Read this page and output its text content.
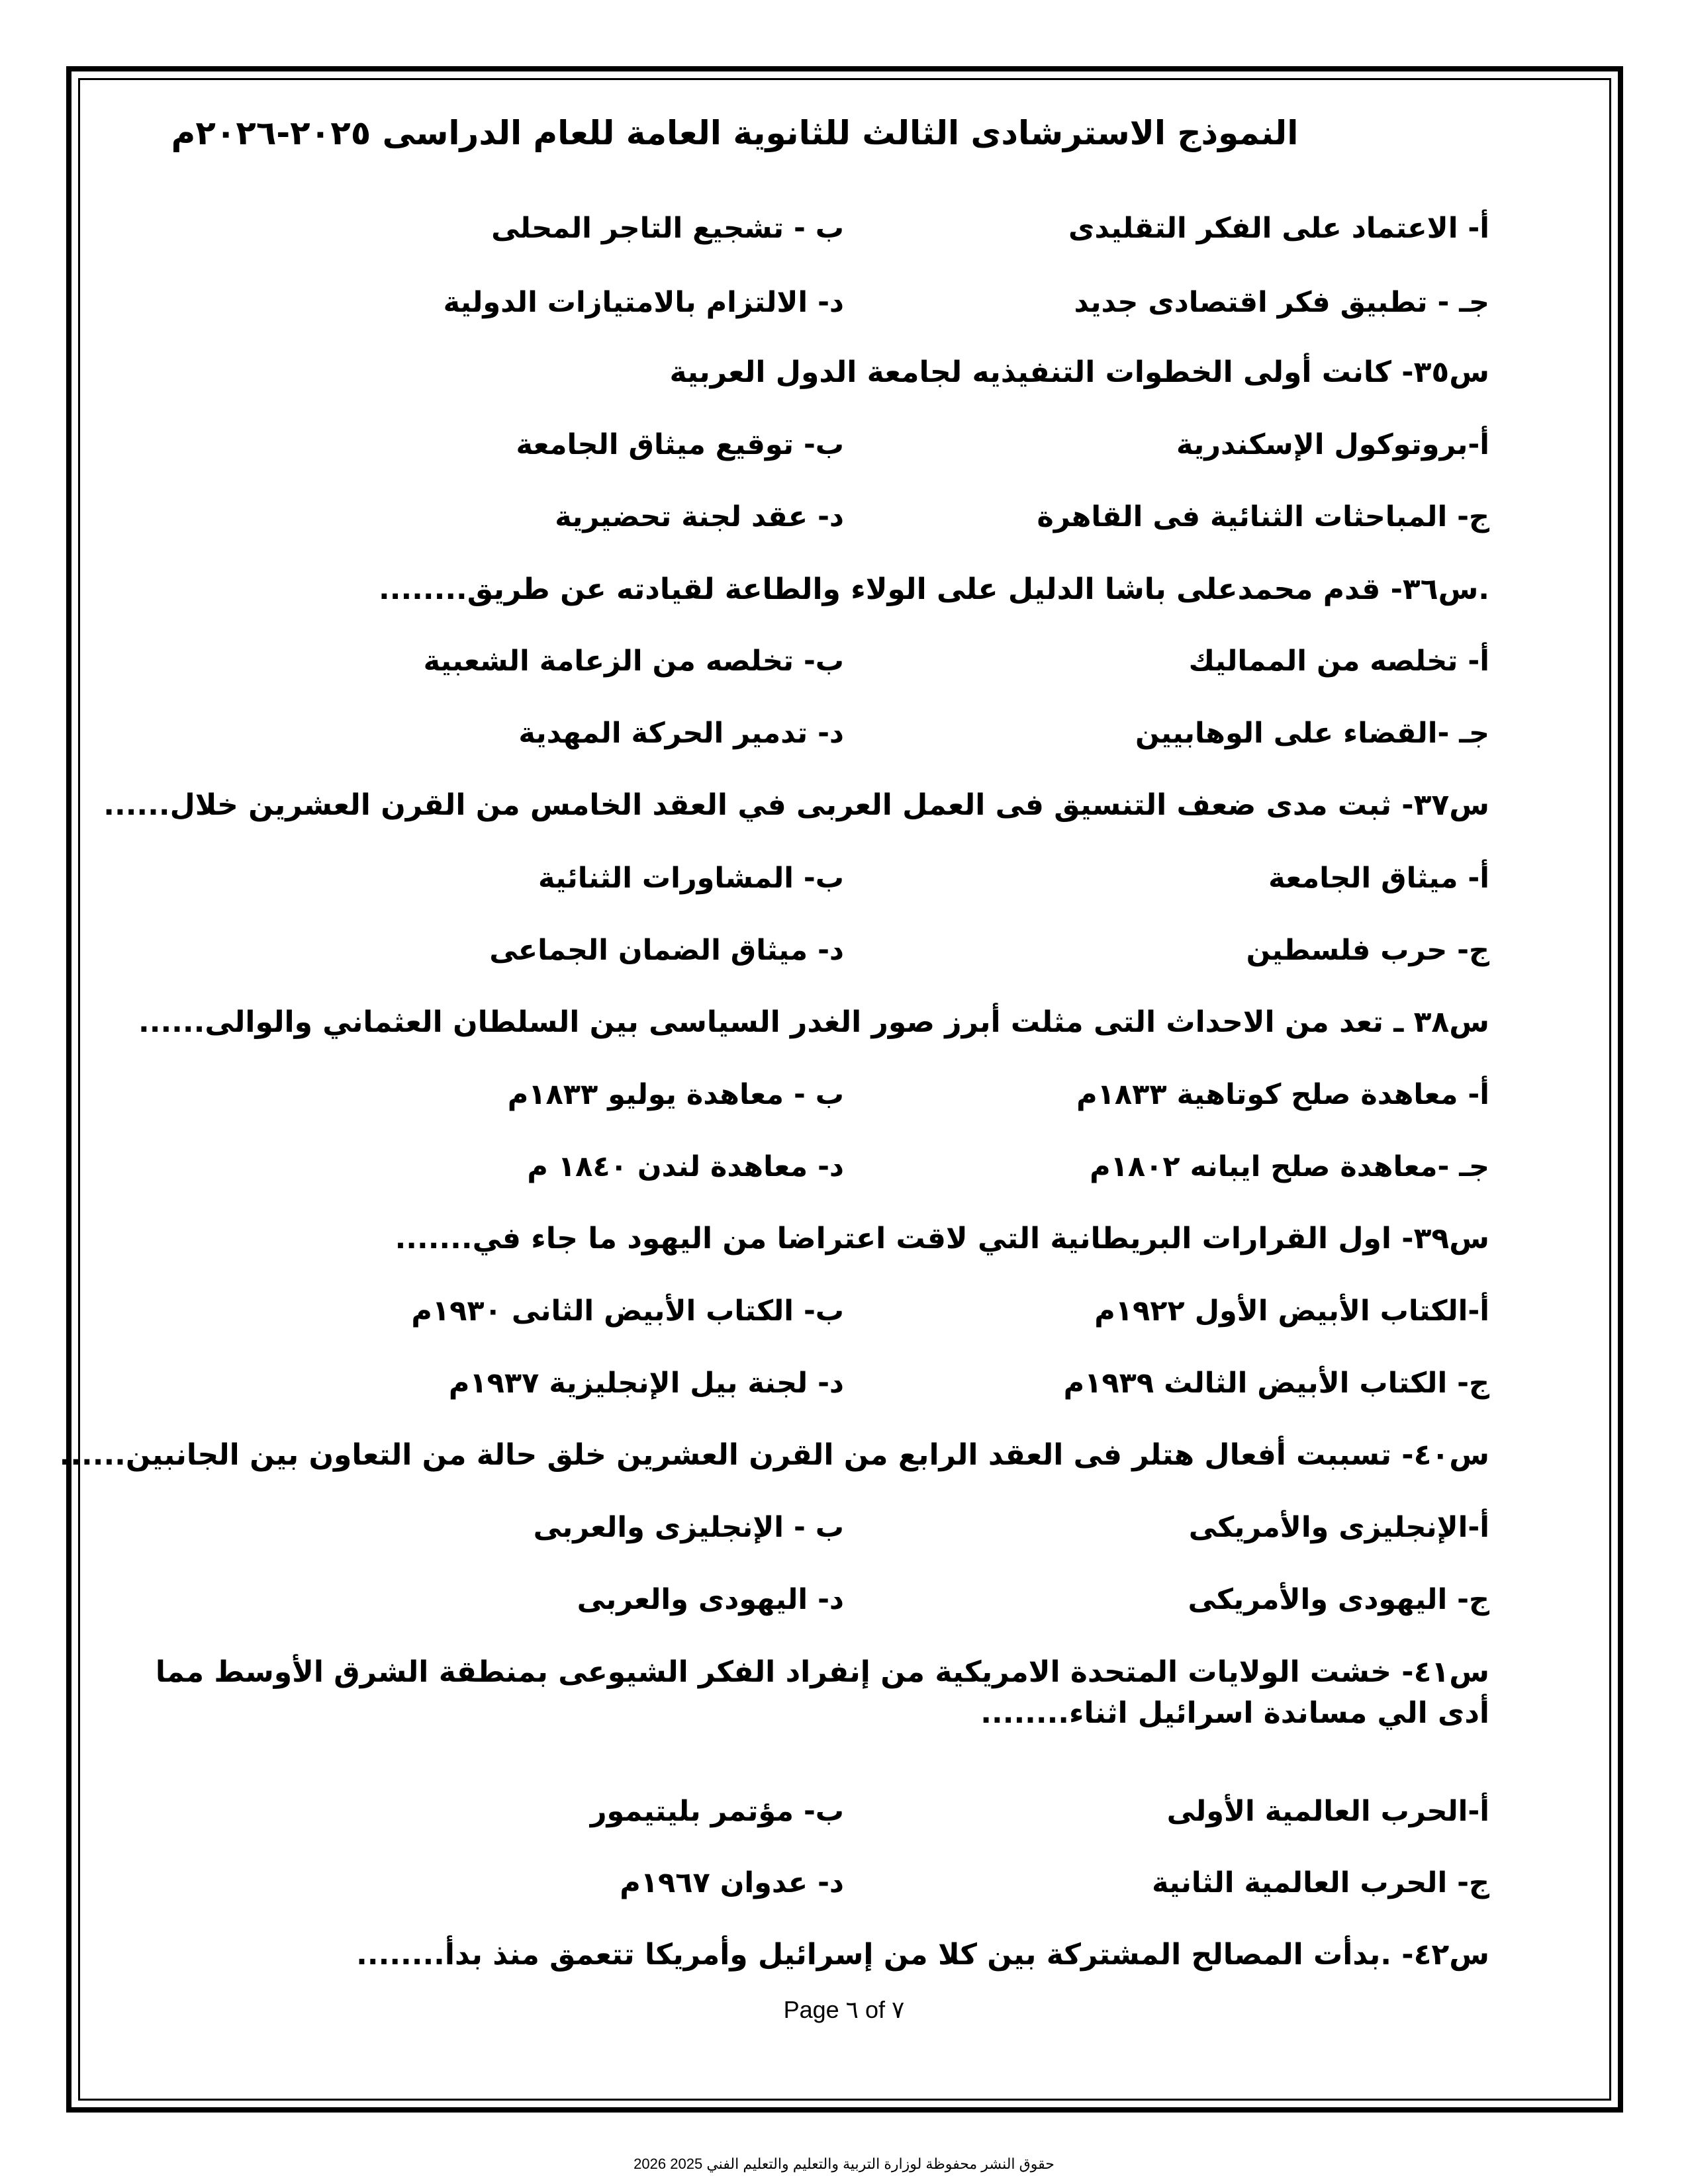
النموذج الاسترشادى الثالث للثانوية العامة للعام الدراسى ٢٠٢٥-٢٠٢٦م
أ- الاعتماد على الفكر التقليدى
ب - تشجيع التاجر المحلى
جـ - تطبيق فكر اقتصادى جديد
د- الالتزام بالامتيازات الدولية
س٣٥- كانت أولى الخطوات التنفيذيه لجامعة الدول العربية
أ-بروتوكول الإسكندرية
ب- توقيع ميثاق الجامعة
ج- المباحثات الثنائية فى القاهرة
د- عقد لجنة تحضيرية
.س٣٦- قدم محمدعلى باشا الدليل على الولاء والطاعة لقيادته عن طريق........
أ- تخلصه من المماليك
ب- تخلصه من الزعامة الشعبية
جـ -القضاء على الوهابيين
د- تدمير الحركة المهدية
س٣٧- ثبت مدى ضعف التنسيق فى العمل العربى في العقد الخامس من القرن العشرين خلال......
أ- ميثاق الجامعة
ب- المشاورات الثنائية
ج- حرب فلسطين
د- ميثاق الضمان الجماعى
س٣٨ ـ تعد من الاحداث التى مثلت أبرز صور الغدر السياسى بين السلطان العثماني والوالى......
أ- معاهدة صلح كوتاهية ١٨٣٣م
ب - معاهدة يوليو ١٨٣٣م
جـ -معاهدة صلح ايبانه ١٨٠٢م
د- معاهدة لندن ١٨٤٠ م
س٣٩- اول القرارات البريطانية التي لاقت اعتراضا من اليهود ما جاء في.......
أ-الكتاب الأبيض الأول ١٩٢٢م
ب- الكتاب الأبيض الثانى ١٩٣٠م
ج- الكتاب الأبيض الثالث ١٩٣٩م
د- لجنة بيل الإنجليزية ١٩٣٧م
س٤٠- تسببت أفعال هتلر فى العقد الرابع من القرن العشرين خلق حالة من التعاون بين الجانبين......
أ-الإنجليزى والأمريكى
ب - الإنجليزى والعربى
ج- اليهودى والأمريكى
د- اليهودى والعربى
س٤١- خشت الولايات المتحدة الامريكية من إنفراد الفكر الشيوعى بمنطقة الشرق الأوسط مما أدى الي مساندة اسرائيل اثناء........
أ-الحرب العالمية الأولى
ب- مؤتمر بليتيمور
ج- الحرب العالمية الثانية
د- عدوان ١٩٦٧م
س٤٢- .بدأت المصالح المشتركة بين كلا من إسرائيل وأمريكا تتعمق منذ بدأ........
Page ٦ of ٧
حقوق النشر محفوظة لوزارة التربية والتعليم والتعليم الفني 2025 2026
